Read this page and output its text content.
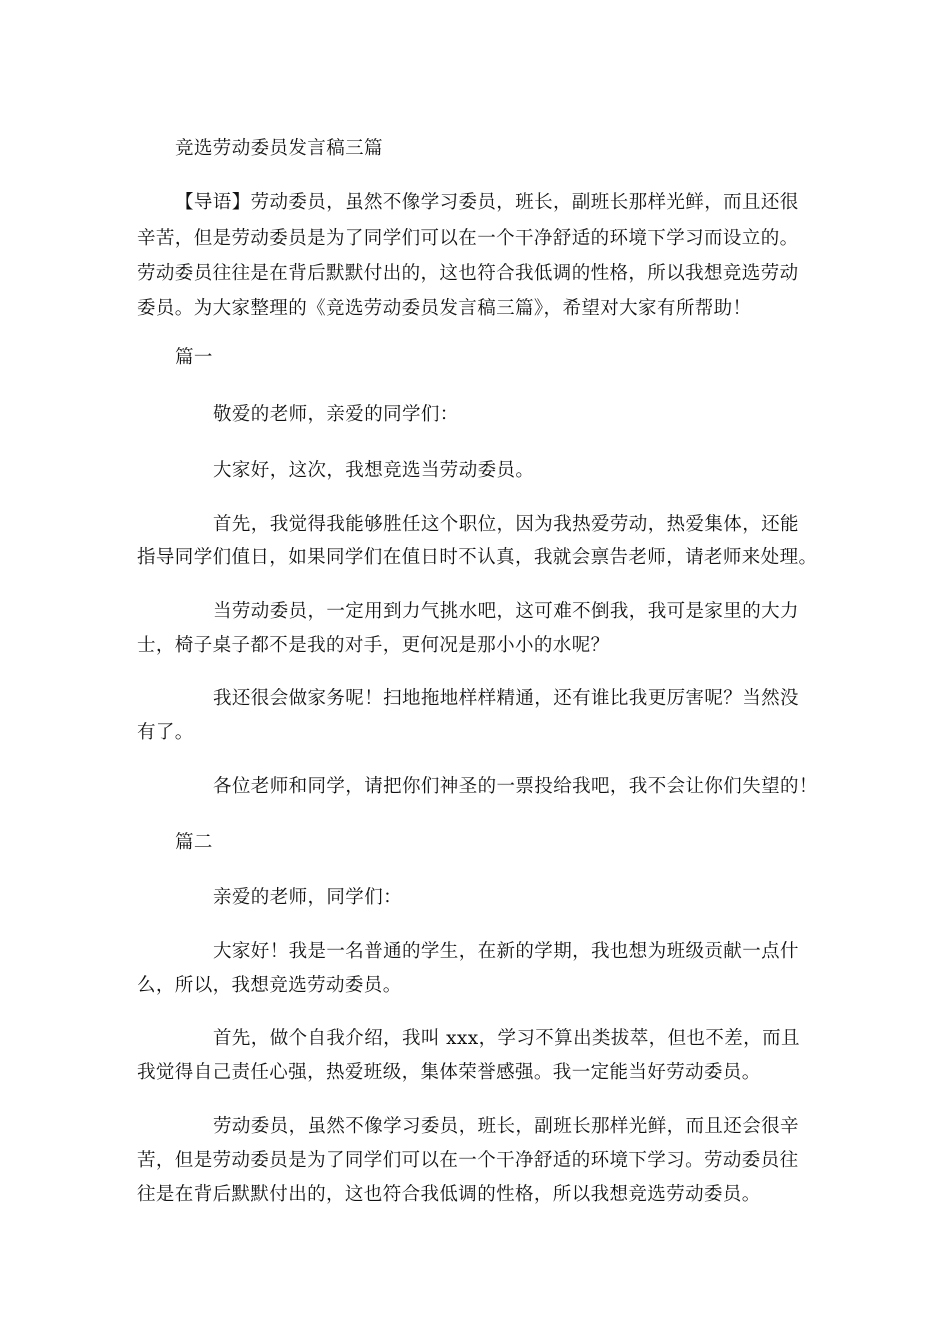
竞选劳动委员发言稿三篇
【导语】劳动委员，虽然不像学习委员，班长，副班长那样光鲜，而且还很
辛苦，但是劳动委员是为了同学们可以在一个干净舒适的环境下学习而设立的。
劳动委员往往是在背后默默付出的，这也符合我低调的性格，所以我想竞选劳动
委员。为大家整理的《竞选劳动委员发言稿三篇》，希望对大家有所帮助！
篇一
敬爱的老师，亲爱的同学们：
大家好，这次，我想竞选当劳动委员。
首先，我觉得我能够胜任这个职位，因为我热爱劳动，热爱集体，还能
指导同学们值日，如果同学们在值日时不认真，我就会禀告老师，请老师来处理。
当劳动委员，一定用到力气挑水吧，这可难不倒我，我可是家里的大力
士，椅子桌子都不是我的对手，更何况是那小小的水呢？
我还很会做家务呢！扫地拖地样样精通，还有谁比我更厉害呢？当然没
有了。
各位老师和同学，请把你们神圣的一票投给我吧，我不会让你们失望的！
篇二
亲爱的老师，同学们：
大家好！我是一名普通的学生，在新的学期，我也想为班级贡献一点什
么，所以，我想竞选劳动委员。
首先，做个自我介绍，我叫 xxx，学习不算出类拔萃，但也不差，而且
我觉得自己责任心强，热爱班级，集体荣誉感强。我一定能当好劳动委员。
劳动委员，虽然不像学习委员，班长，副班长那样光鲜，而且还会很辛
苦，但是劳动委员是为了同学们可以在一个干净舒适的环境下学习。劳动委员往
往是在背后默默付出的，这也符合我低调的性格，所以我想竞选劳动委员。
